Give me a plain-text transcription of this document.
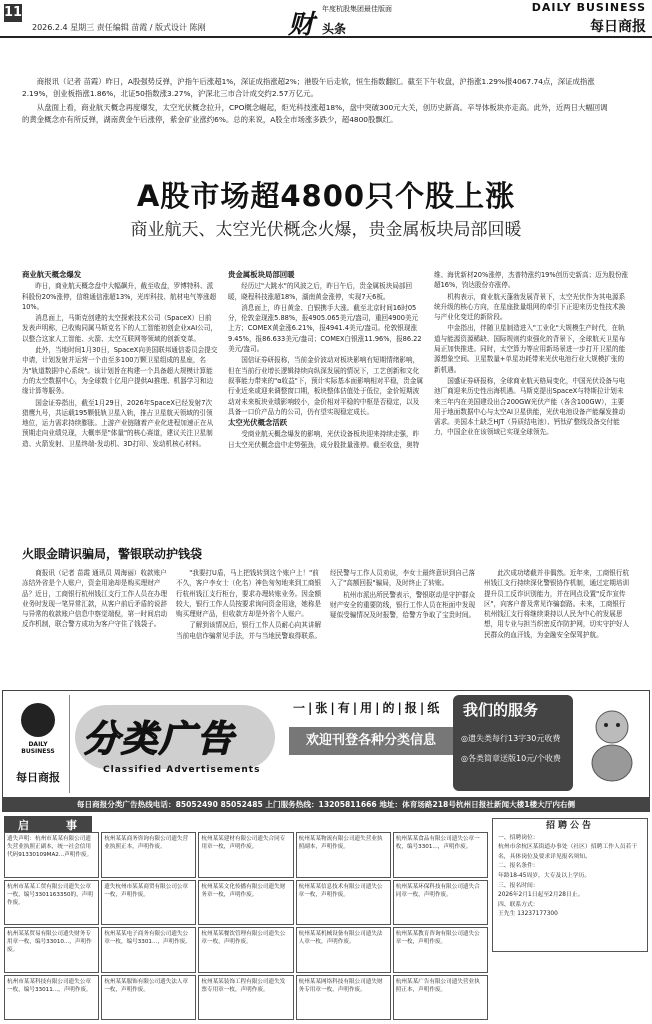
11
2026.2.4 星期三 责任编辑 苗霞 / 版式设计 陈刚	财
年度杭股集团最佳版面
头条
DAILY BUSINESS
每日商报

商报讯（记者 苗霞）昨日，A股强势反弹，沪指午后涨超1%，深证成指涨超2%；港股午后走软，恒生指数翻红。截至下午收盘，沪指涨1.29%报4067.74点，深证成指涨2.19%，创业板指涨1.86%，北证50指数涨3.27%，沪深北三市合计成交约2.57万亿元。

从盘面上看，商业航天概念再度爆发，太空光伏概念拉升，CPO概念崛起，炬光科技涨超18%，盘中突破300元大关，创历史新高。辛导体板块亦走高。此外，近两日大幅回调的黄金概念亦有所反弹，湖南黄金午后涨停，紫金矿业涨约6%。总的来说，A股全市场涨多跌少，超4800股飘红。

A股市场超4800只个股上涨
商业航天、太空光伏概念火爆，贵金属板块局部回暖
商业航天概念爆发

昨日，商业航天概念盘中大幅飙升，截至收盘，罗博特科、派科股份20%涨停，信维通信涨超13%，光库科技、航材电气等涨超10%。

消息面上，马斯克创建的太空探索技术公司（SpaceX）日前发表声明称，已收购同属马斯克名下的人工智能初创企业xAI公司，以整合这家人工智能、火箭、太空互联网等领域的创新变革。

此外，当地时间1月30日，SpaceX向美国联邦通信委员会提交申请，计划发射并运营一个由至多100万颗卫星组成的星座，名为"轨道数据中心系统"。该计划旨在构建一个具备超大规模计算能力的太空数据中心，为全球数十亿用户提供AI推理、机器学习和边缘计算等服务。

国金证券指出，截至1月29日，2026年SpaceX已经发射7次猎鹰九号，共运载195颗低轨卫星入轨，推占卫星航天领域的引领地位，运力需求持续膨胀。上游产业链随着产业化进程加速正在从预期走向业绩兑现，大概率是"体量"的核心赛道，建议关注卫星制造、火箭发射、卫星终端-发动机、3D打印、发动机核心材料。

贵金属板块局部回暖

经历过"大跳水"的风波之后，昨日午后，贵金属板块局部回暖，晓程科技涨超18%，湖南黄金涨停，实现7天6板。

消息面上，昨日黄金、白银携手大涨。截至北京时间16时05分，伦敦金现涨5.88%，报4905.065美元/盎司，重回4900美元上方；COMEX黄金涨6.21%，报4941.4美元/盎司。伦敦银现涨9.45%，报86.633美元/盎司；COMEX白银涨11.96%，报86.22美元/盎司。

国信证券研报称，当前金价波动对板块影响有短期情绪影响，但在当前行业增长逻辑持续向纵深发展的情况下，工艺创新和文化叙事能力带来的"α收益"下，预计实际基本面影响相对平稳，贵金属行业近来或迎来调整窗口期，板块整体估值处于低位，金价短期波动对未来板块业绩影响较小，金价相对平稳的中枢是否稳定，以及具备一口价产品力的公司，仍有望实现稳定成长。

太空光伏概念活跃

受商业航天概念爆发的影响，光伏设备板块迎来持续走强，昨日太空光伏概念盘中走势强劲，成分股批量涨停。截至收盘，奥特维、海优新材20%涨停，杰普特涨约19%创历史新高；迈为股份涨超16%，钧达股份亦涨停。

机构表示，商业航天蓬勃发展背景下，太空光伏作为其电源系统升级的核心方向，在星座批量组网的牵引下正迎来历史性技术换与产业化变迁的新阶段。

中金指出，伴随卫星制造进入"工业化"大规模生产时代，在轨道与能源资源稀缺、国际规则约束强化的背景下，全球航天卫星布局正加快推进。同时，太空算力等应用新场景进一步打开卫星的能源想象空间。卫星数量+单星功耗带来光伏电池行业大规模扩张的新机遇。

国盛证券研报称，全球商业航天格局变化，中国光伏设备与电池厂商迎来历史性出海机遇。马斯克提出SpaceX与特斯拉计划未来三年内在美国建设出合200GW光伏产能（各含100GW），主要用于地面数据中心与太空AI卫星供能，光伏电池设备产能爆发推动需求。美国本土缺乏HJT（异质结电池）、钙钛矿整线设备交付能力，中国企业在该领域已实现全球领先。

火眼金睛识骗局，警银联动护钱袋

商报讯（记者 苗霞 通讯员 周海丽）收款账户冻结外省是个人账户，资金用途却是购买理财产品？近日，工商银行杭州钱江支行工作人员在办理业务时发现一笔异常汇款，从客户前后矛盾的说辞与异常的收款账户信息中察觉端倪，第一时间启动反诈机制，联合警方成功为客户守住了钱袋子。

"我要打U盾，马上把钱转到这个账户上！"前不久，客户李女士（化名）神色匆匆地来到工商银行杭州钱江支行柜台，要求办理转账业务。因金额较大，银行工作人员按要求询问资金用途，她称是购买理财产品，但收款方却是外省个人账户。

了解到该情况后，银行工作人员耐心向其讲解当前电信诈骗常见手法，并与当地民警取得联系。经民警与工作人员劝说，李女士最终意识到自己落入了"高额回报"骗局，及时终止了转账。

杭州市派出所民警表示，警银联动是守护群众财产安全的重要防线，银行工作人员在柜面中发现疑似受骗情况及时报警，给警方争取了宝贵时间。

此次成功堵截并非偶然。近年来，工商银行杭州钱江支行持续深化警银协作机制，通过定期培训提升员工反诈识别能力，并在网点设置"反诈宣传区"，向客户普及常见诈骗套路。未来，工商银行杭州钱江支行将继续秉持以人民为中心的发展思想，用专业与担当织密反诈防护网，切实守护好人民群众的血汗钱，为金融安全保驾护航。

DAILY BUSINESS
每日商报
分类广告
Classified Advertisements
一|张|有|用|的|报|纸
欢迎刊登各种分类信息
我们的服务
◎遗失类每行13字30元收费
◎各类简章送版10元/个收费
每日商报分类广告热线电话：85052490 85052485 上门服务热线：13205811666 地址：体育场路218号杭州日报社新闻大楼1楼大厅内右侧
启	事
遗失声明：杭州市某某有限公司遗失营业执照正副本，统一社会信用代码91330109MA2...声明作废。
杭州市某某工贸有限公司遗失公章一枚，编号3301163350的，声明作废。
杭州某某贸易有限公司遗失财务专用章一枚，编号33010...，声明作废。
杭州市某某科技有限公司遗失公章一枚，编号33011...，声明作废。
杭州某某商务咨询有限公司遗失营业执照正本，声明作废。
遗失杭州市某某商贸有限公司公章一枚，声明作废。
杭州某某电子商务有限公司遗失公章一枚，编号3301...，声明作废。
杭州某某服饰有限公司遗失法人章一枚，声明作废。
杭州某某建材有限公司遗失合同专用章一枚，声明作废。
杭州某某文化传播有限公司遗失财务章一枚，声明作废。
杭州某某餐饮管理有限公司遗失公章一枚，声明作废。
杭州某某装饰工程有限公司遗失发票专用章一枚，声明作废。
杭州某某物流有限公司遗失营业执照副本，声明作废。
杭州某某信息技术有限公司遗失公章一枚，声明作废。
杭州某某机械设备有限公司遗失法人章一枚，声明作废。
杭州某某网络科技有限公司遗失财务专用章一枚，声明作废。
杭州某某食品有限公司遗失公章一枚，编号3301...，声明作废。
杭州某某环保科技有限公司遗失合同章一枚，声明作废。
杭州某某教育咨询有限公司遗失公章一枚，声明作废。
杭州某某广告有限公司遗失营业执照正本，声明作废。
招聘公告

一、招聘岗位：

杭州市余杭区某街道办事处（社区）招聘工作人员若干名，具体岗位及要求详见报名须知。

二、报名条件：

年龄18-45周岁，大专及以上学历。

三、报名时间：

2026年2月1日起至2月28日止。

四、联系方式：

王先生 13237177300
